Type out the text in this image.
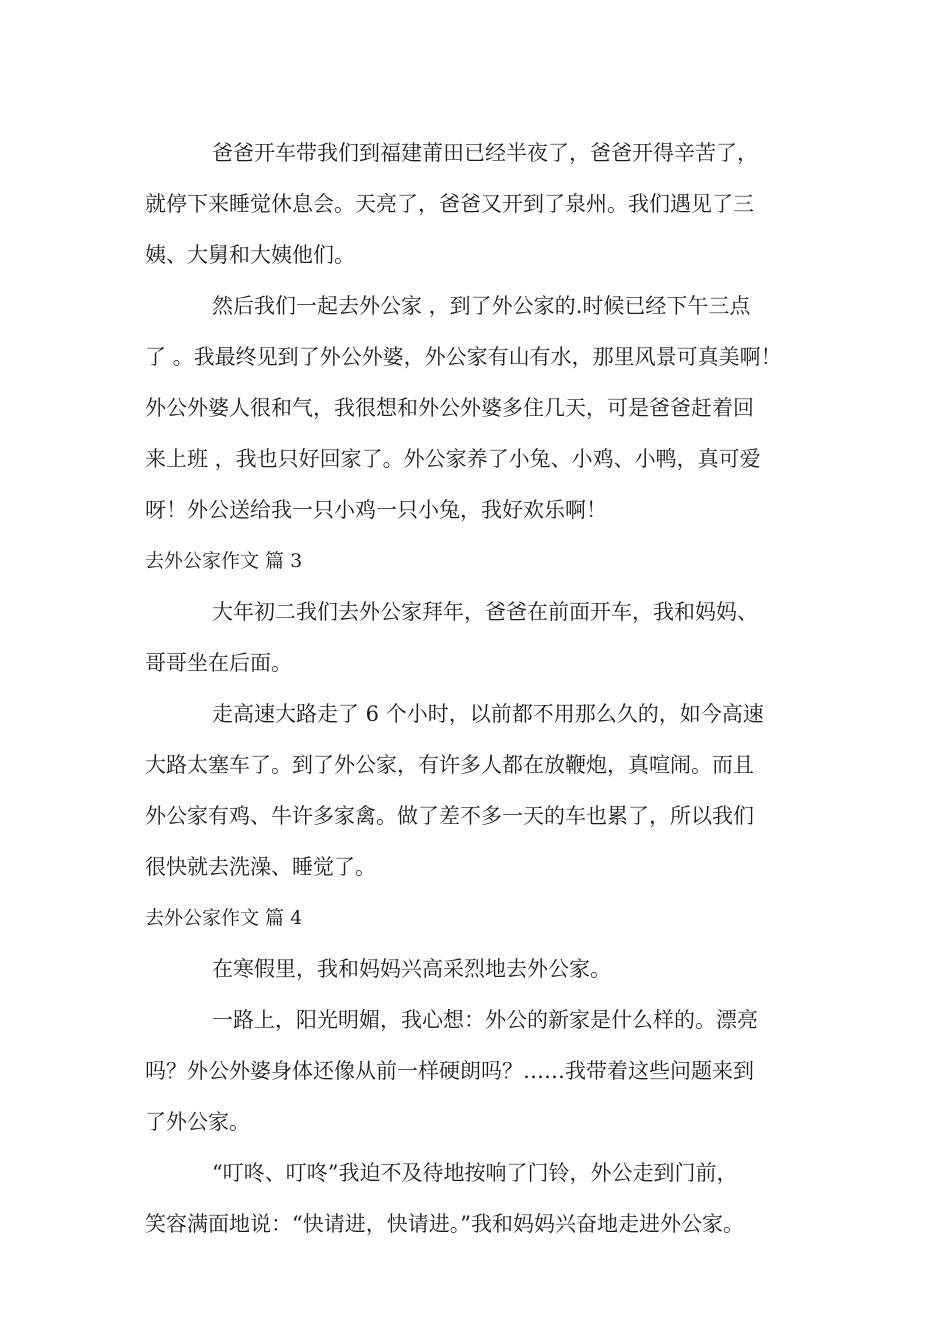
爸爸开车带我们到福建莆田已经半夜了，爸爸开得辛苦了，
就停下来睡觉休息会。天亮了，爸爸又开到了泉州。我们遇见了三
姨、大舅和大姨他们。
然后我们一起去外公家 ，到了外公家的.时候已经下午三点
了 。我最终见到了外公外婆，外公家有山有水，那里风景可真美啊！
外公外婆人很和气，我很想和外公外婆多住几天，可是爸爸赶着回
来上班 ，我也只好回家了。外公家养了小兔、小鸡、小鸭，真可爱
呀！外公送给我一只小鸡一只小兔，我好欢乐啊！
去外公家作文 篇 3
大年初二我们去外公家拜年，爸爸在前面开车，我和妈妈、
哥哥坐在后面。
走高速大路走了 6 个小时，以前都不用那么久的，如今高速
大路太塞车了。到了外公家，有许多人都在放鞭炮，真喧闹。而且
外公家有鸡、牛许多家禽。做了差不多一天的车也累了，所以我们
很快就去洗澡、睡觉了。
去外公家作文 篇 4
在寒假里，我和妈妈兴高采烈地去外公家。
一路上，阳光明媚，我心想：外公的新家是什么样的。漂亮
吗？外公外婆身体还像从前一样硬朗吗？……我带着这些问题来到
了外公家。
“叮咚、叮咚”我迫不及待地按响了门铃，外公走到门前，
笑容满面地说：“快请进，快请进。”我和妈妈兴奋地走进外公家。
